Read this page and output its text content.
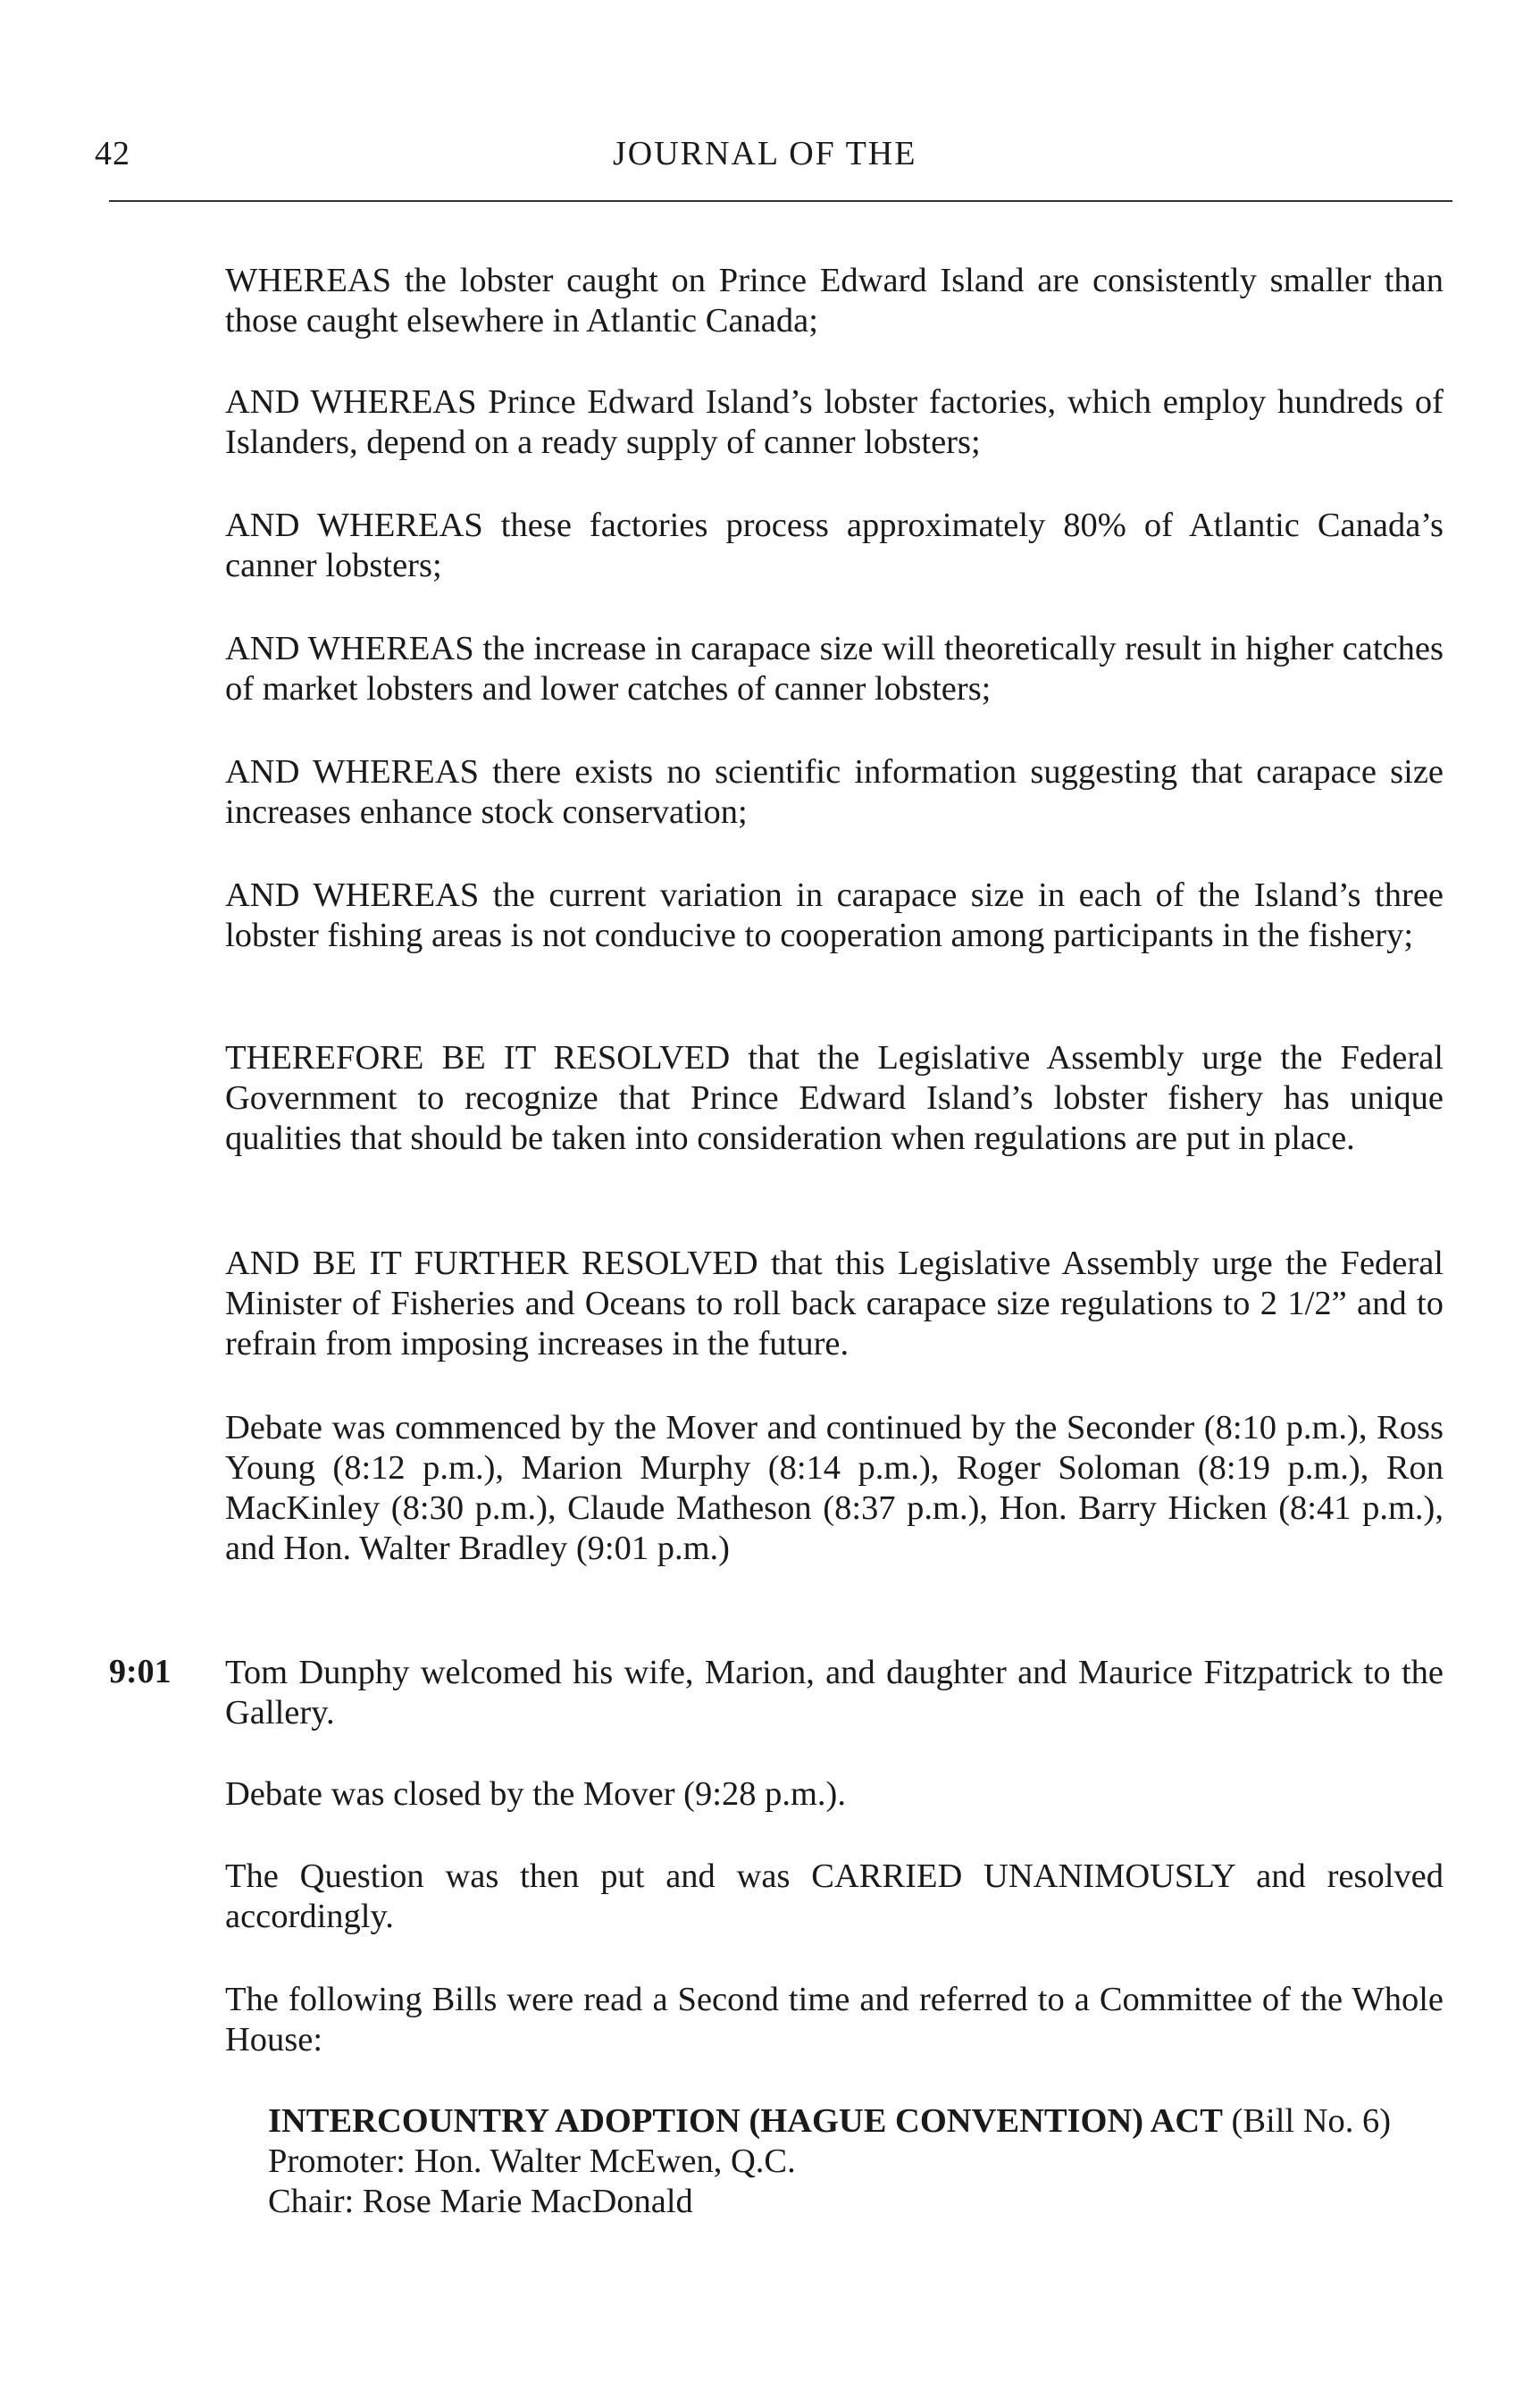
42	JOURNAL OF THE

WHEREAS the lobster caught on Prince Edward Island are consistently smaller than those caught elsewhere in Atlantic Canada;

AND WHEREAS Prince Edward Island’s lobster factories, which employ hundreds of Islanders, depend on a ready supply of canner lobsters;

AND WHEREAS these factories process approximately 80% of Atlantic Canada’s canner lobsters;

AND WHEREAS the increase in carapace size will theoretically result in higher catches of market lobsters and lower catches of canner lobsters;

AND WHEREAS there exists no scientific information suggesting that carapace size increases enhance stock conservation;

AND WHEREAS the current variation in carapace size in each of the Island’s three lobster fishing areas is not conducive to cooperation among participants in the fishery;

THEREFORE BE IT RESOLVED that the Legislative Assembly urge the Federal Government to recognize that Prince Edward Island’s lobster fishery has unique qualities that should be taken into consideration when regulations are put in place.

AND BE IT FURTHER RESOLVED that this Legislative Assembly urge the Federal Minister of Fisheries and Oceans to roll back carapace size regulations to 2 1/2” and to refrain from imposing increases in the future.

Debate was commenced by the Mover and continued by the Seconder (8:10 p.m.), Ross Young (8:12 p.m.), Marion Murphy (8:14 p.m.), Roger Soloman (8:19 p.m.), Ron MacKinley (8:30 p.m.), Claude Matheson (8:37 p.m.), Hon. Barry Hicken (8:41 p.m.), and Hon. Walter Bradley (9:01 p.m.)

9:01 Tom Dunphy welcomed his wife, Marion, and daughter and Maurice Fitzpatrick to the Gallery.

Debate was closed by the Mover (9:28 p.m.).

The Question was then put and was CARRIED UNANIMOUSLY and resolved accordingly.

The following Bills were read a Second time and referred to a Committee of the Whole House:

INTERCOUNTRY ADOPTION (HAGUE CONVENTION) ACT (Bill No. 6)
Promoter: Hon. Walter McEwen, Q.C.
Chair: Rose Marie MacDonald
